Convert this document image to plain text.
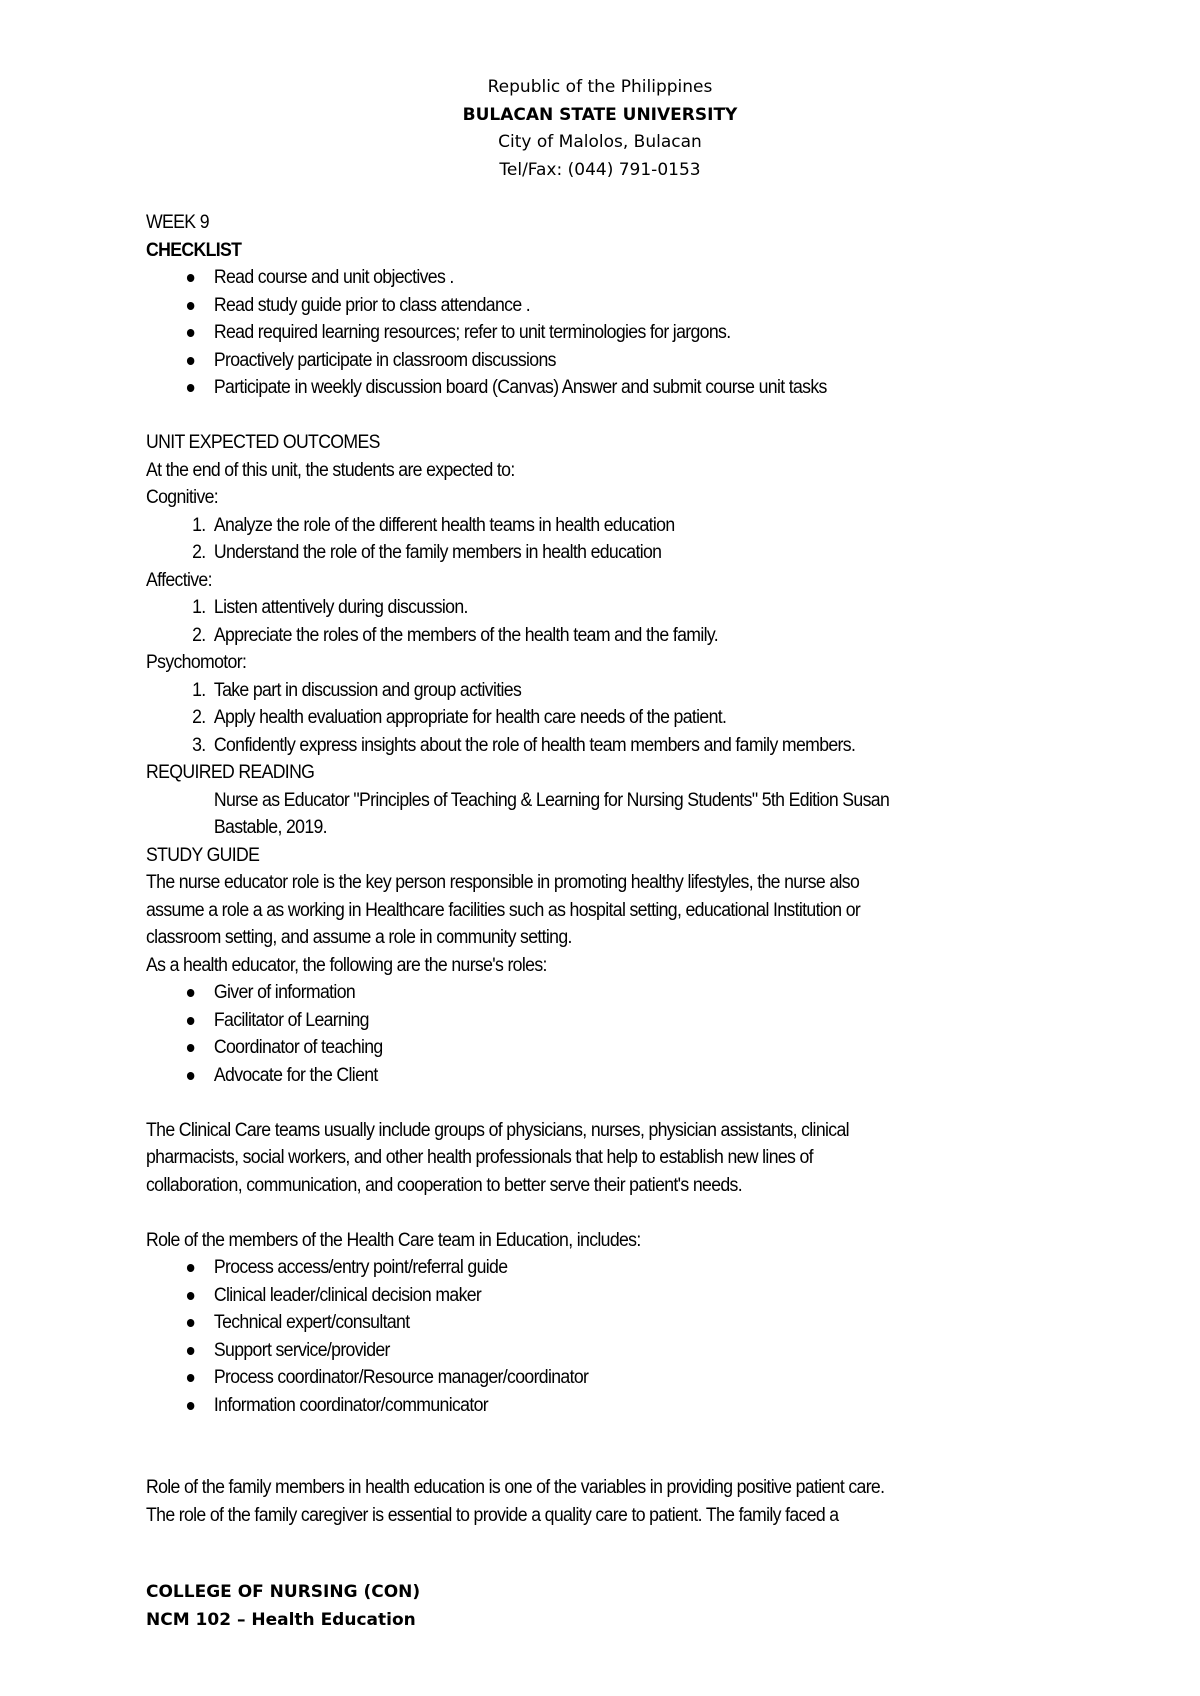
Republic of the Philippines
BULACAN STATE UNIVERSITY
City of Malolos, Bulacan
Tel/Fax: (044) 791-0153

WEEK 9

CHECKLIST

Read course and unit objectives .
Read study guide prior to class attendance .
Read required learning resources; refer to unit terminologies for jargons.
Proactively participate in classroom discussions
Participate in weekly discussion board (Canvas) Answer and submit course unit tasks

UNIT EXPECTED OUTCOMES

At the end of this unit, the students are expected to:

Cognitive:

1. Analyze the role of the different health teams in health education
2. Understand the role of the family members in health education

Affective:

1. Listen attentively during discussion.
2. Appreciate the roles of the members of the health team and the family.

Psychomotor:

1. Take part in discussion and group activities
2. Apply health evaluation appropriate for health care needs of the patient.
3. Confidently express insights about the role of health team members and family members.

REQUIRED READING

Nurse as Educator "Principles of Teaching & Learning for Nursing Students" 5th Edition Susan

Bastable, 2019.

STUDY GUIDE

The nurse educator role is the key person responsible in promoting healthy lifestyles, the nurse also

assume a role a as working in Healthcare facilities such as hospital setting, educational Institution or

classroom setting, and assume a role in community setting.

As a health educator, the following are the nurse's roles:

Giver of information
Facilitator of Learning
Coordinator of teaching
Advocate for the Client

The Clinical Care teams usually include groups of physicians, nurses, physician assistants, clinical

pharmacists, social workers, and other health professionals that help to establish new lines of

collaboration, communication, and cooperation to better serve their patient's needs.

Role of the members of the Health Care team in Education, includes:

Process access/entry point/referral guide
Clinical leader/clinical decision maker
Technical expert/consultant
Support service/provider
Process coordinator/Resource manager/coordinator
Information coordinator/communicator

Role of the family members in health education is one of the variables in providing positive patient care.

The role of the family caregiver is essential to provide a quality care to patient. The family faced a

COLLEGE OF NURSING (CON)
NCM 102 – Health Education
